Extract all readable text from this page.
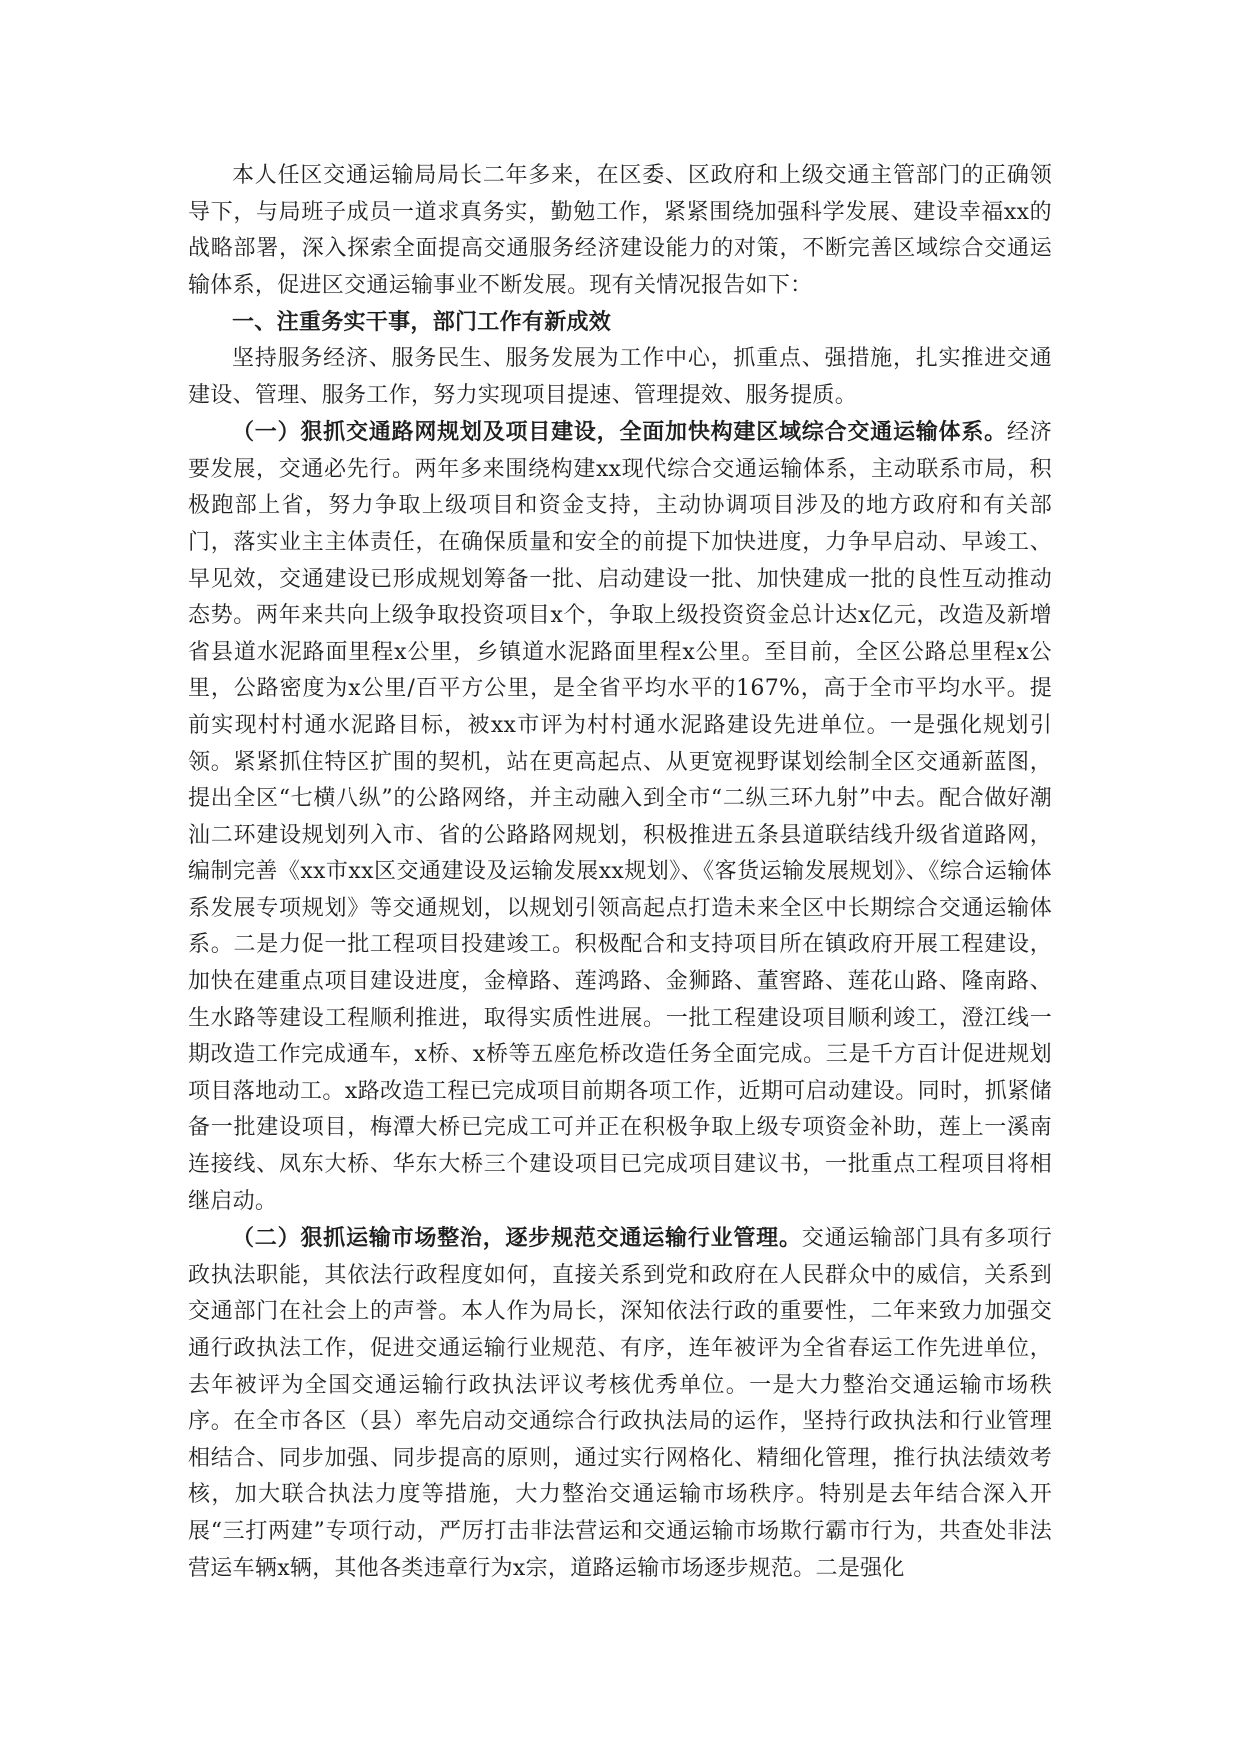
本人任区交通运输局局长二年多来，在区委、区政府和上级交通主管部门的正确领导下，与局班子成员一道求真务实，勤勉工作，紧紧围绕加强科学发展、建设幸福xx的战略部署，深入探索全面提高交通服务经济建设能力的对策，不断完善区域综合交通运输体系，促进区交通运输事业不断发展。现有关情况报告如下：

一、注重务实干事，部门工作有新成效

坚持服务经济、服务民生、服务发展为工作中心，抓重点、强措施，扎实推进交通建设、管理、服务工作，努力实现项目提速、管理提效、服务提质。

（一）狠抓交通路网规划及项目建设，全面加快构建区域综合交通运输体系。经济要发展，交通必先行。两年多来围绕构建xx现代综合交通运输体系，主动联系市局，积极跑部上省，努力争取上级项目和资金支持，主动协调项目涉及的地方政府和有关部门，落实业主主体责任，在确保质量和安全的前提下加快进度，力争早启动、早竣工、早见效，交通建设已形成规划筹备一批、启动建设一批、加快建成一批的良性互动推动态势。两年来共向上级争取投资项目x个，争取上级投资资金总计达x亿元，改造及新增省县道水泥路面里程x公里，乡镇道水泥路面里程x公里。至目前，全区公路总里程x公里，公路密度为x公里/百平方公里，是全省平均水平的167%，高于全市平均水平。提前实现村村通水泥路目标，被xx市评为村村通水泥路建设先进单位。一是强化规划引领。紧紧抓住特区扩围的契机，站在更高起点、从更宽视野谋划绘制全区交通新蓝图，提出全区“七横八纵”的公路网络，并主动融入到全市“二纵三环九射”中去。配合做好潮汕二环建设规划列入市、省的公路路网规划，积极推进五条县道联结线升级省道路网，编制完善《xx市xx区交通建设及运输发展xx规划》、《客货运输发展规划》、《综合运输体系发展专项规划》等交通规划，以规划引领高起点打造未来全区中长期综合交通运输体系。二是力促一批工程项目投建竣工。积极配合和支持项目所在镇政府开展工程建设，加快在建重点项目建设进度，金樟路、莲鸿路、金狮路、董窖路、莲花山路、隆南路、生水路等建设工程顺利推进，取得实质性进展。一批工程建设项目顺利竣工，澄江线一期改造工作完成通车，x桥、x桥等五座危桥改造任务全面完成。三是千方百计促进规划项目落地动工。x路改造工程已完成项目前期各项工作，近期可启动建设。同时，抓紧储备一批建设项目，梅潭大桥已完成工可并正在积极争取上级专项资金补助，莲上一溪南连接线、凤东大桥、华东大桥三个建设项目已完成项目建议书，一批重点工程项目将相继启动。

（二）狠抓运输市场整治，逐步规范交通运输行业管理。交通运输部门具有多项行政执法职能，其依法行政程度如何，直接关系到党和政府在人民群众中的威信，关系到交通部门在社会上的声誉。本人作为局长，深知依法行政的重要性，二年来致力加强交通行政执法工作，促进交通运输行业规范、有序，连年被评为全省春运工作先进单位，去年被评为全国交通运输行政执法评议考核优秀单位。一是大力整治交通运输市场秩序。在全市各区（县）率先启动交通综合行政执法局的运作，坚持行政执法和行业管理相结合、同步加强、同步提高的原则，通过实行网格化、精细化管理，推行执法绩效考核，加大联合执法力度等措施，大力整治交通运输市场秩序。特别是去年结合深入开展“三打两建”专项行动，严厉打击非法营运和交通运输市场欺行霸市行为，共查处非法营运车辆x辆，其他各类违章行为x宗，道路运输市场逐步规范。二是强化
